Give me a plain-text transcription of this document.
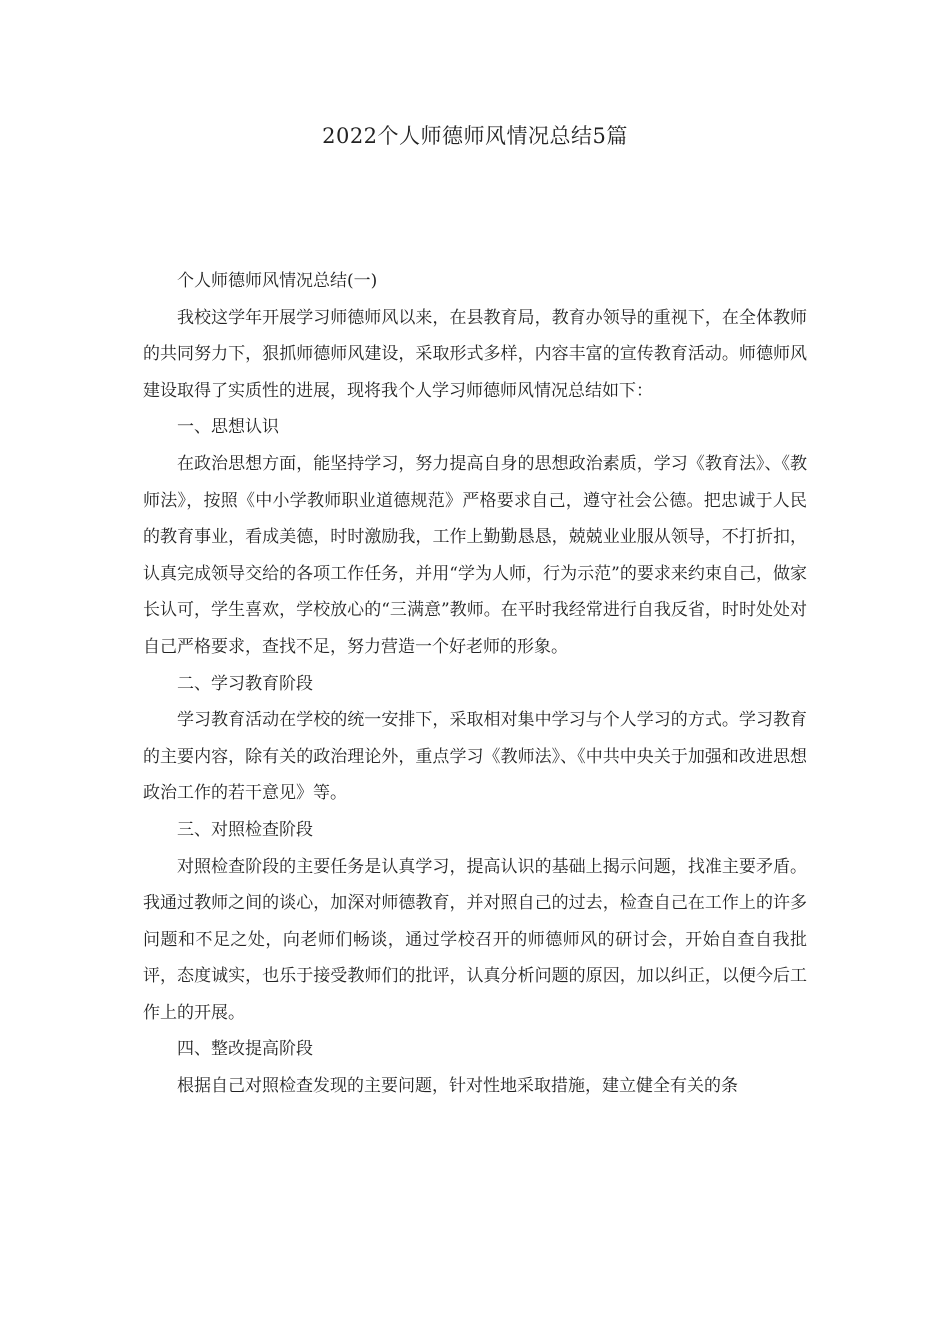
2022个人师德师风情况总结5篇

个人师德师风情况总结(一)

我校这学年开展学习师德师风以来，在县教育局，教育办领导的重视下，在全体教师的共同努力下，狠抓师德师风建设，采取形式多样，内容丰富的宣传教育活动。师德师风建设取得了实质性的进展，现将我个人学习师德师风情况总结如下：

一、思想认识

在政治思想方面，能坚持学习，努力提高自身的思想政治素质，学习《教育法》、《教师法》，按照《中小学教师职业道德规范》严格要求自己，遵守社会公德。把忠诚于人民的教育事业，看成美德，时时激励我，工作上勤勤恳恳，兢兢业业服从领导，不打折扣，认真完成领导交给的各项工作任务，并用“学为人师，行为示范”的要求来约束自己，做家长认可，学生喜欢，学校放心的“三满意”教师。在平时我经常进行自我反省，时时处处对自己严格要求，查找不足，努力营造一个好老师的形象。

二、学习教育阶段

学习教育活动在学校的统一安排下，采取相对集中学习与个人学习的方式。学习教育的主要内容，除有关的政治理论外，重点学习《教师法》、《中共中央关于加强和改进思想政治工作的若干意见》等。

三、对照检查阶段

对照检查阶段的主要任务是认真学习，提高认识的基础上揭示问题，找准主要矛盾。我通过教师之间的谈心，加深对师德教育，并对照自己的过去，检查自己在工作上的许多问题和不足之处，向老师们畅谈，通过学校召开的师德师风的研讨会，开始自查自我批评，态度诚实，也乐于接受教师们的批评，认真分析问题的原因，加以纠正，以便今后工作上的开展。

四、整改提高阶段

根据自己对照检查发现的主要问题，针对性地采取措施，建立健全有关的条
